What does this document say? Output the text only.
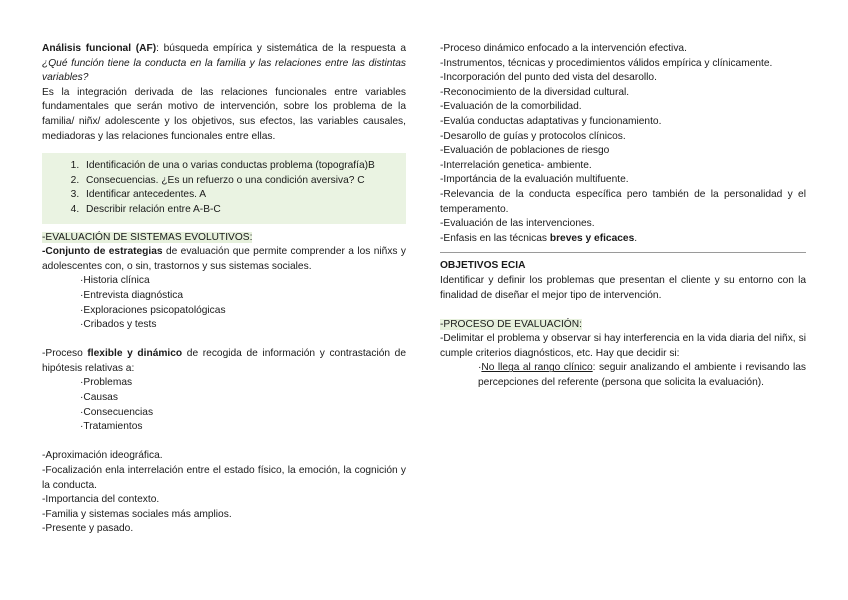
Análisis funcional (AF): búsqueda empírica y sistemática de la respuesta a ¿Qué función tiene la conducta en la familia y las relaciones entre las distintas variables?

Es la integración derivada de las relaciones funcionales entre variables fundamentales que serán motivo de intervención, sobre los problema de la familia/ niñx/ adolescente y los objetivos, sus efectos, las variables causales, mediadoras y las relaciones funcionales entre ellas.

1. Identificación de una o varias conductas problema (topografía)B
2. Consecuencias. ¿Es un refuerzo o una condición aversiva? C
3. Identificar antecedentes. A
4. Describir relación entre A-B-C

-EVALUACIÓN DE SISTEMAS EVOLUTIVOS:

-Conjunto de estrategias de evaluación que permite comprender a los niñxs y adolescentes con, o sin, trastornos y sus sistemas sociales.

·Historia clínica

·Entrevista diagnóstica

·Exploraciones psicopatológicas

·Cribados y tests

-Proceso flexible y dinámico de recogida de información y contrastación de hipótesis relativas a:

·Problemas

·Causas

·Consecuencias

·Tratamientos

-Aproximación ideográfica.

-Focalización enla interrelación entre el estado físico, la emoción, la cognición y la conducta.

-Importancia del contexto.

-Familia y sistemas sociales más amplios.

-Presente y pasado.

-Proceso dinámico enfocado a la intervención efectiva.

-Instrumentos, técnicas y procedimientos válidos empírica y clínicamente.

-Incorporación del punto ded vista del desarollo.

-Reconocimiento de la diversidad cultural.

-Evaluación de la comorbilidad.

-Evalúa conductas adaptativas y funcionamiento.

-Desarollo de guías y protocolos clínicos.

-Evaluación de poblaciones de riesgo

-Interrelación genetica- ambiente.

-Importáncia de la evaluación multifuente.

-Relevancia de la conducta específica pero también de la personalidad y el temperamento.

-Evaluación de las intervenciones.

-Enfasis en las técnicas breves y eficaces.

OBJETIVOS ECIA

Identificar y definir los problemas que presentan el cliente y su entorno con la finalidad de diseñar el mejor tipo de intervención.

-PROCESO DE EVALUACIÓN:

-Delimitar el problema y observar si hay interferencia en la vida diaria del niñx, si cumple criterios diagnósticos, etc. Hay que decidir si:

·No llega al rango clínico: seguir analizando el ambiente i revisando las percepciones del referente (persona que solicita la evaluación).
